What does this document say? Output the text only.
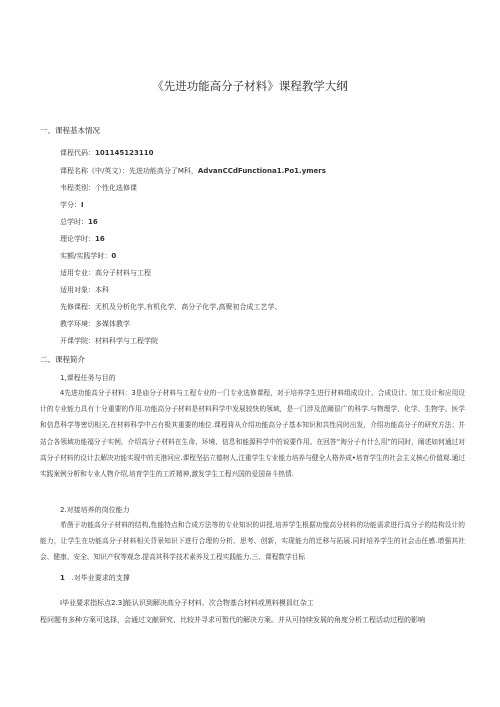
《先进功能高分子材料》课程教学大纲
一、课程基本情况
课程代码：101145123110
课程名称《中/英文）：先进功能高分了M科，AdvanCCdFunctiona1.Po1.ymers
韦程类别：个性化选修课
学分：I
总学时：16
理论学时：16
实额/实践学时：0
适用专业：高分子材料与工程
适用对象：本科
先修课程：无机及分析化学,有机化学，高分子化学,高聚初合成工艺学、
教学环境：多媒体教学
开课学院：材料科学与工程学院
二、课程简介
1,课程任务与目的
4先进功能高分子材料：3是庙分子材料与工程专业的一门专业选修课程，对于培养学生进行材料组成设计、合成设计、加工设计和应用设计的专业能力具有十分重要的作用.功能高分子材料是材料科学中发展较快的领域，是一门涉及范阚很广的科学.与物理学、化学、生物学、医学和信息科学等密切相关,在材料科学中占有极其重要的地位.课程将从介绍功能高分子基本知识和共性同时出发，介绍功能高分子的研究方法；并站合各领域功能福分子实例，介绍高分子材料在生命、环境、信息和能源科学中的说要作用。在回答“淘分子有什么用”的同时，阐述如何通过对高分子材料的设计去解决功能实现中的关港问应.课程坚拈立德树人,注重学生专业能力培养与健全人格养成•培育学生的社会主义核心价值观.通过实践案例分析和专业人物介绍,培育学生的工匠精神,激发学生工程兴国的爱国奋斗热情.
2.对接培养的岗位能力
希凿于功能高分子材料的结构,性能特点和合成方法等的专业知识的讲授,培养学生根据功惶高分材料的功能需求进行高分子的结构设计的能力，让学生在功能高分子材料相关背景知识下进行合理的分析、思考、创新，实现能力的迁移与拓展.同时培养学生的社会击任感.增强其社会、健康、安全、知识产权等观念.提高其科学技术素养及工程实践能力.三、课程数学目标
1 .对毕业要求的支撑
I毕业要求指标点2.3]能认识到解决高分子材料、次合物基合材料或黑料模員红杂工
程问题有多种方案可选择，会通过文献研究、比较并寻求可暂代的解决方案。并从可持续发展的角度分析工程活动过程的影响
